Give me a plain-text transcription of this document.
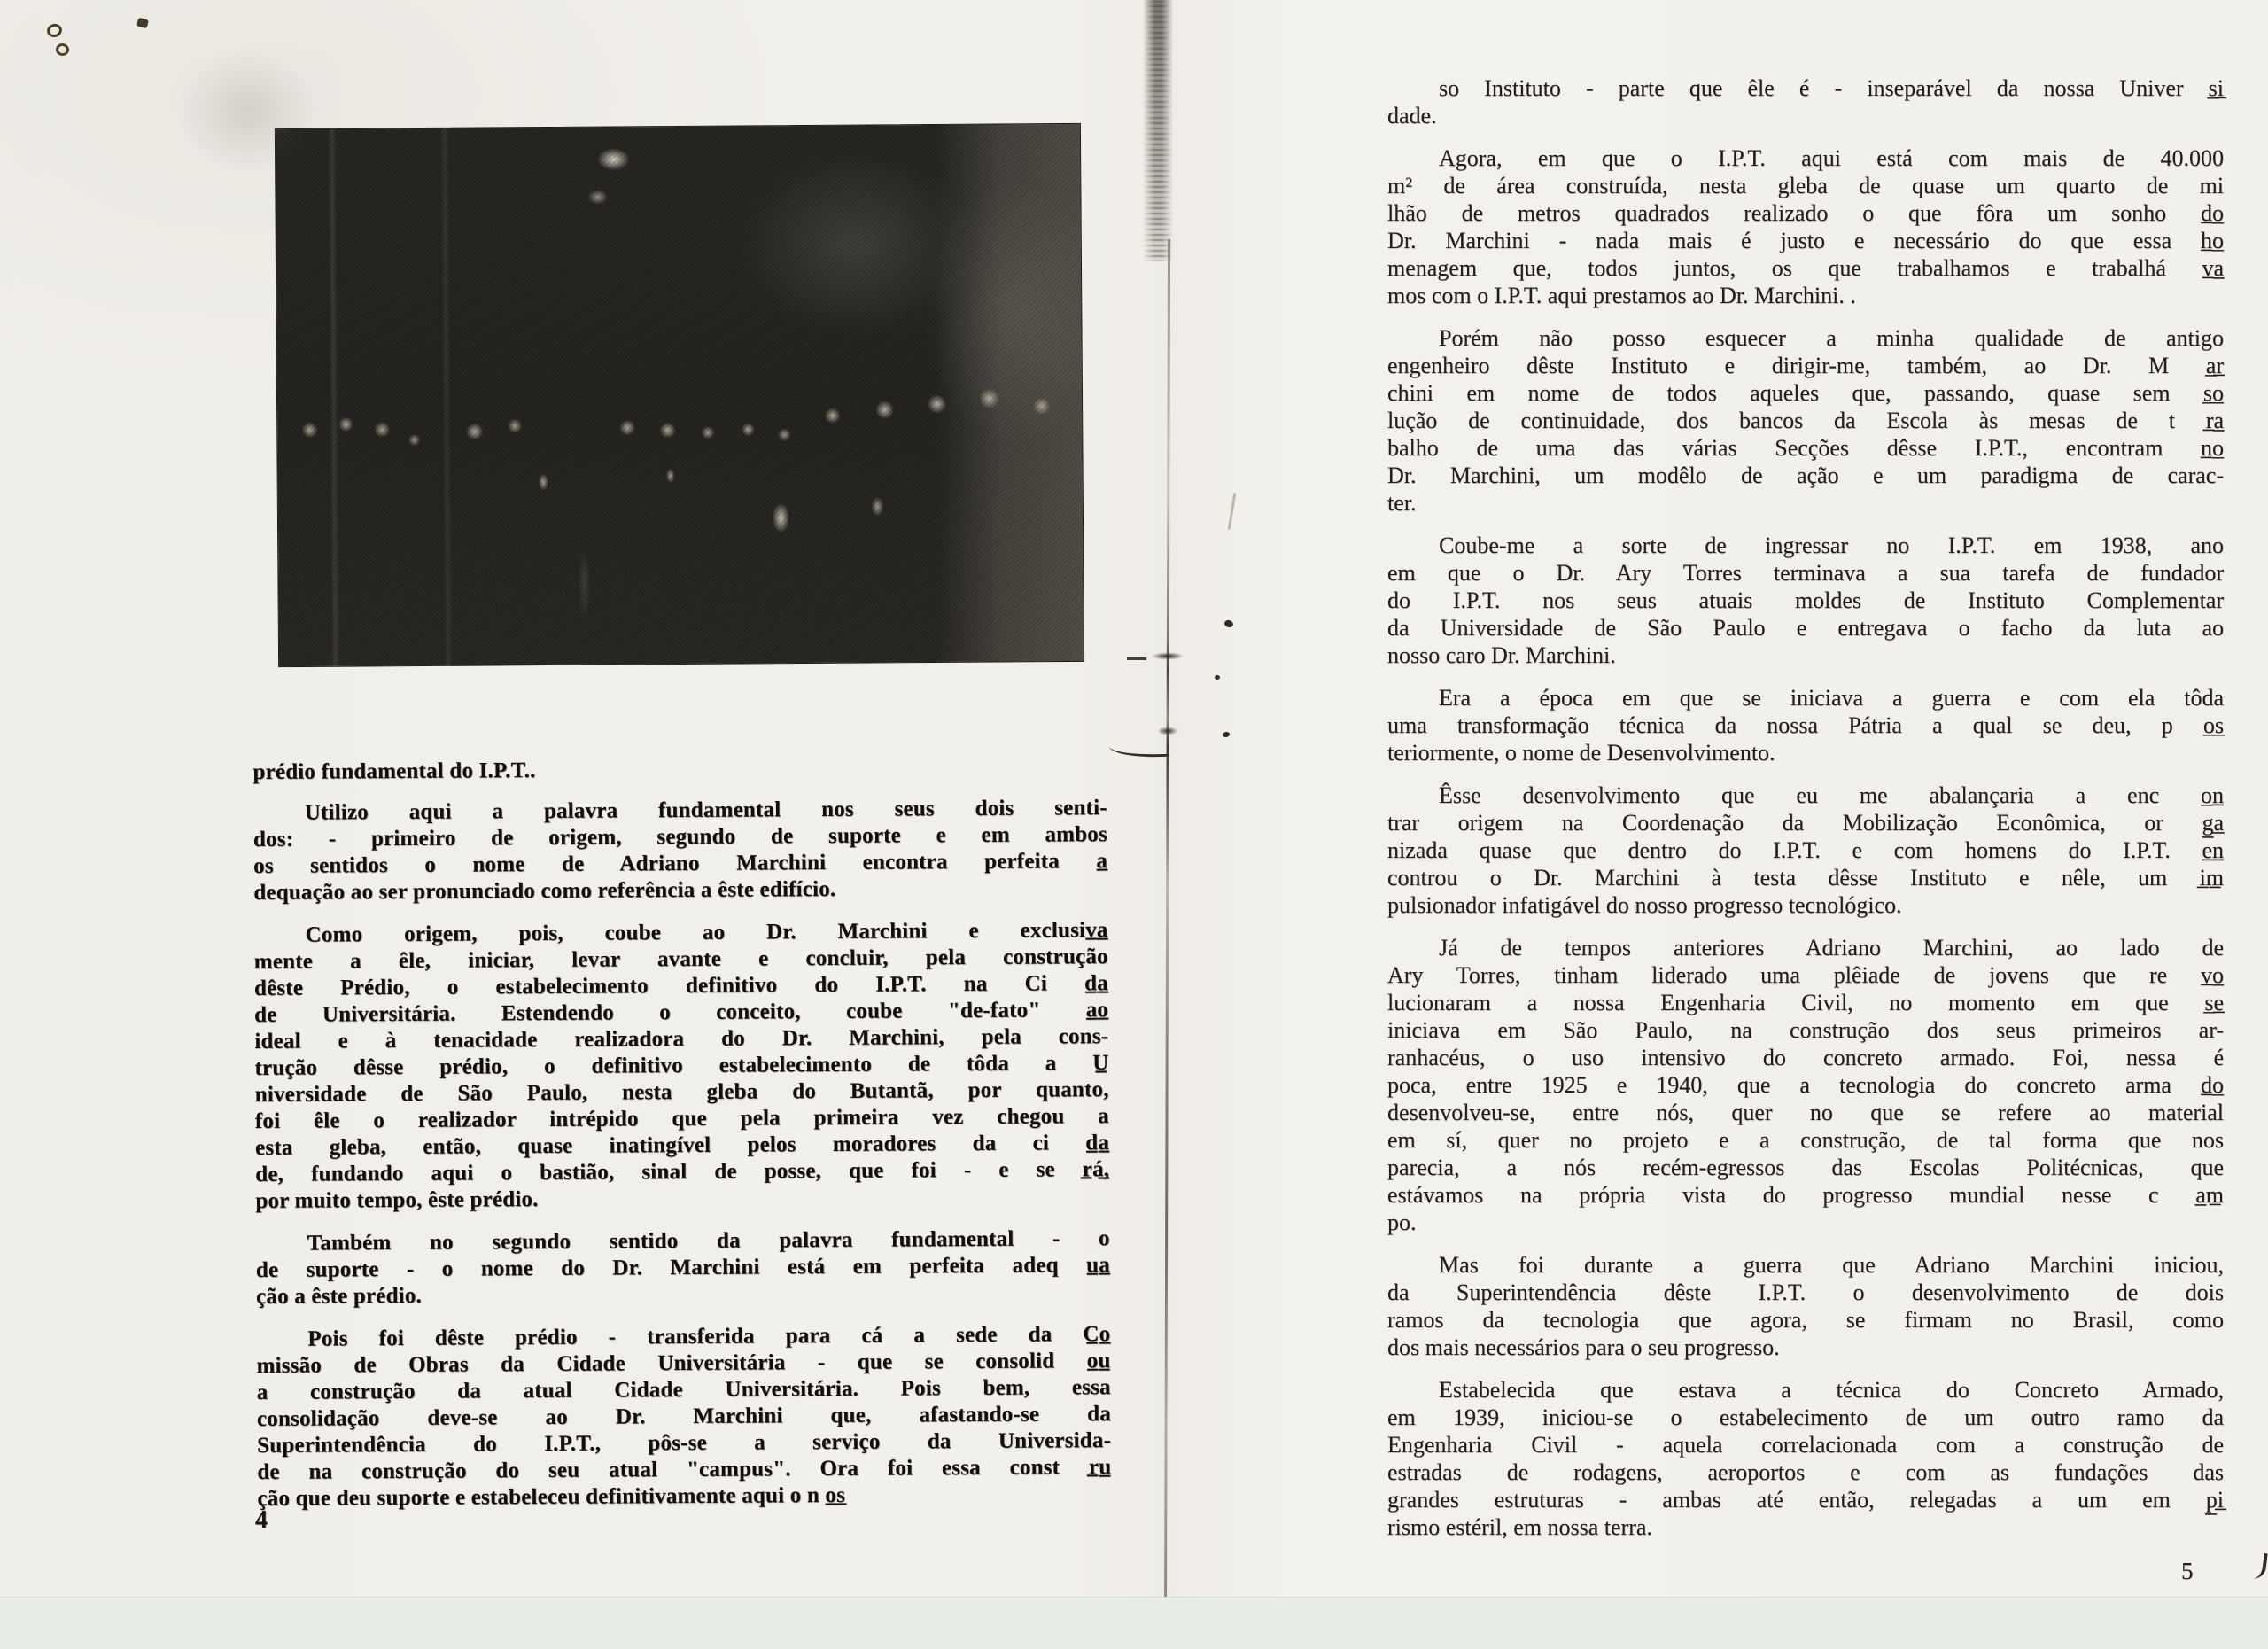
prédio fundamental do I.P.T..
Utilizo aqui a palavra fundamental nos seus dois senti-
dos: - primeiro de origem, segundo de suporte e em ambos
os sentidos o nome de Adriano Marchini encontra perfeita a̲
dequação ao ser pronunciado como referência a êste edifício.
Como origem, pois, coube ao Dr. Marchini e exclusiv̲a̲
mente a êle, iniciar, levar avante e concluir, pela construção
dêste Prédio, o estabelecimento definitivo do I.P.T. na Ci d̲a̲
de Universitária. Estendendo o conceito, coube "de-fato" a̲o̲
ideal e à tenacidade realizadora do Dr. Marchini, pela cons-
trução dêsse prédio, o definitivo estabelecimento de tôda a U̲
niversidade de São Paulo, nesta gleba do Butantã, por quanto,
foi êle o realizador intrépido que pela primeira vez chegou a
esta gleba, então, quase inatingível pelos moradores da ci d̲a̲
de, fundando aqui o bastião, sinal de posse, que foi - e se r̲á̲,
por muito tempo, êste prédio.
Também no segundo sentido da palavra fundamental - o
de suporte - o nome do Dr. Marchini está em perfeita adeq u̲a̲
ção a êste prédio.
Pois foi dêste prédio - transferida para cá a sede da C̲o̲
missão de Obras da Cidade Universitária - que se consolid o̲u̲
a construção da atual Cidade Universitária. Pois bem, essa
consolidação deve-se ao Dr. Marchini que, afastando-se da
Superintendência do I.P.T., pôs-se a serviço da Universida-
de na construção do seu atual "campus". Ora foi essa const r̲u̲
ção que deu suporte e estabeleceu definitivamente aqui o n o̲s̲
4
so Instituto - parte que êle é - inseparável da nossa Univer s̲i̲
dade.
Agora, em que o I.P.T. aqui está com mais de 40.000
m² de área construída, nesta gleba de quase um quarto de mi
lhão de metros quadrados realizado o que fôra um sonho d̲o̲
Dr. Marchini - nada mais é justo e necessário do que essa h̲o̲
menagem que, todos juntos, os que trabalhamos e trabalhá v̲a̲
mos com o I.P.T. aqui prestamos ao Dr. Marchini. .
Porém não posso esquecer a minha qualidade de antigo
engenheiro dêste Instituto e dirigir-me, também, ao Dr. M a̲r̲
chini em nome de todos aqueles que, passando, quase sem s̲o̲
lução de continuidade, dos bancos da Escola às mesas de t r̲a̲
balho de uma das várias Secções dêsse I.P.T., encontram n̲o̲
Dr. Marchini, um modêlo de ação e um paradigma de carac-
ter.
Coube-me a sorte de ingressar no I.P.T. em 1938, ano
em que o Dr. Ary Torres terminava a sua tarefa de fundador
do I.P.T. nos seus atuais moldes de Instituto Complementar
da Universidade de São Paulo e entregava o facho da luta ao
nosso caro Dr. Marchini.
Era a época em que se iniciava a guerra e com ela tôda
uma transformação técnica da nossa Pátria a qual se deu, p o̲s̲
teriormente, o nome de Desenvolvimento.
Êsse desenvolvimento que eu me abalançaria a enc o̲n̲
trar origem na Coordenação da Mobilização Econômica, or g̲a̲
nizada quase que dentro do I.P.T. e com homens do I.P.T. e̲n̲
controu o Dr. Marchini à testa dêsse Instituto e nêle, um i̲m̲
pulsionador infatigável do nosso progresso tecnológico.
Já de tempos anteriores Adriano Marchini, ao lado de
Ary Torres, tinham liderado uma plêiade de jovens que re v̲o̲
lucionaram a nossa Engenharia Civil, no momento em que s̲e̲
iniciava em São Paulo, na construção dos seus primeiros ar-
ranhacéus, o uso intensivo do concreto armado. Foi, nessa é
poca, entre 1925 e 1940, que a tecnologia do concreto arma d̲o̲
desenvolveu-se, entre nós, quer no que se refere ao material
em sí, quer no projeto e a construção, de tal forma que nos
parecia, a nós recém-egressos das Escolas Politécnicas, que
estávamos na própria vista do progresso mundial nesse c a̲m̲
po.
Mas foi durante a guerra que Adriano Marchini iniciou,
da Superintendência dêste I.P.T. o desenvolvimento de dois
ramos da tecnologia que agora, se firmam no Brasil, como
dos mais necessários para o seu progresso.
Estabelecida que estava a técnica do Concreto Armado,
em 1939, iniciou-se o estabelecimento de um outro ramo da
Engenharia Civil - aquela correlacionada com a construção de
estradas de rodagens, aeroportos e com as fundações das
grandes estruturas - ambas até então, relegadas a um em p̲i̲
rismo estéril, em nossa terra.
5
